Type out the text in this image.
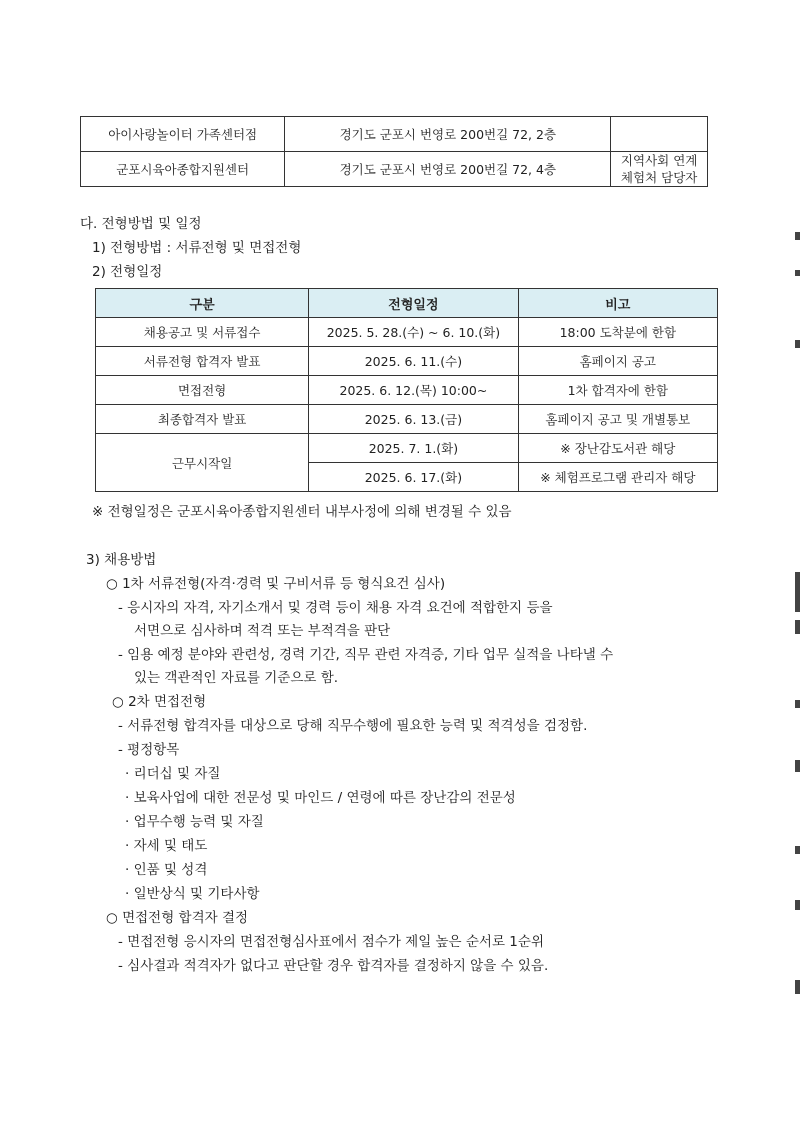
아이사랑놀이터 가족센터점	경기도 군포시 번영로 200번길 72, 2층	
군포시육아종합지원센터	경기도 군포시 번영로 200번길 72, 4층	지역사회 연계
체험처 담당자
다. 전형방법 및 일정
1) 전형방법 : 서류전형 및 면접전형
2) 전형일정
구분	전형일정	비고
채용공고 및 서류접수	2025. 5. 28.(수) ~ 6. 10.(화)	18:00 도착분에 한함
서류전형 합격자 발표	2025. 6. 11.(수)	홈페이지 공고
면접전형	2025. 6. 12.(목) 10:00~	1차 합격자에 한함
최종합격자 발표	2025. 6. 13.(금)	홈페이지 공고 및 개별통보
근무시작일	2025. 7. 1.(화)	※ 장난감도서관 해당
	2025. 6. 17.(화)	※ 체험프로그램 관리자 해당
※ 전형일정은 군포시육아종합지원센터 내부사정에 의해 변경될 수 있음
3) 채용방법
○ 1차 서류전형(자격·경력 및 구비서류 등 형식요건 심사)
- 응시자의 자격, 자기소개서 및 경력 등이 채용 자격 요건에 적합한지 등을
서면으로 심사하며 적격 또는 부적격을 판단
- 임용 예정 분야와 관련성, 경력 기간, 직무 관련 자격증, 기타 업무 실적을 나타낼 수
있는 객관적인 자료를 기준으로 함.
○ 2차 면접전형
- 서류전형 합격자를 대상으로 당해 직무수행에 필요한 능력 및 적격성을 검정함.
- 평정항목
· 리더십 및 자질
· 보육사업에 대한 전문성 및 마인드 / 연령에 따른 장난감의 전문성
· 업무수행 능력 및 자질
· 자세 및 태도
· 인품 및 성격
· 일반상식 및 기타사항
○ 면접전형 합격자 결정
- 면접전형 응시자의 면접전형심사표에서 점수가 제일 높은 순서로 1순위
- 심사결과 적격자가 없다고 판단할 경우 합격자를 결정하지 않을 수 있음.
